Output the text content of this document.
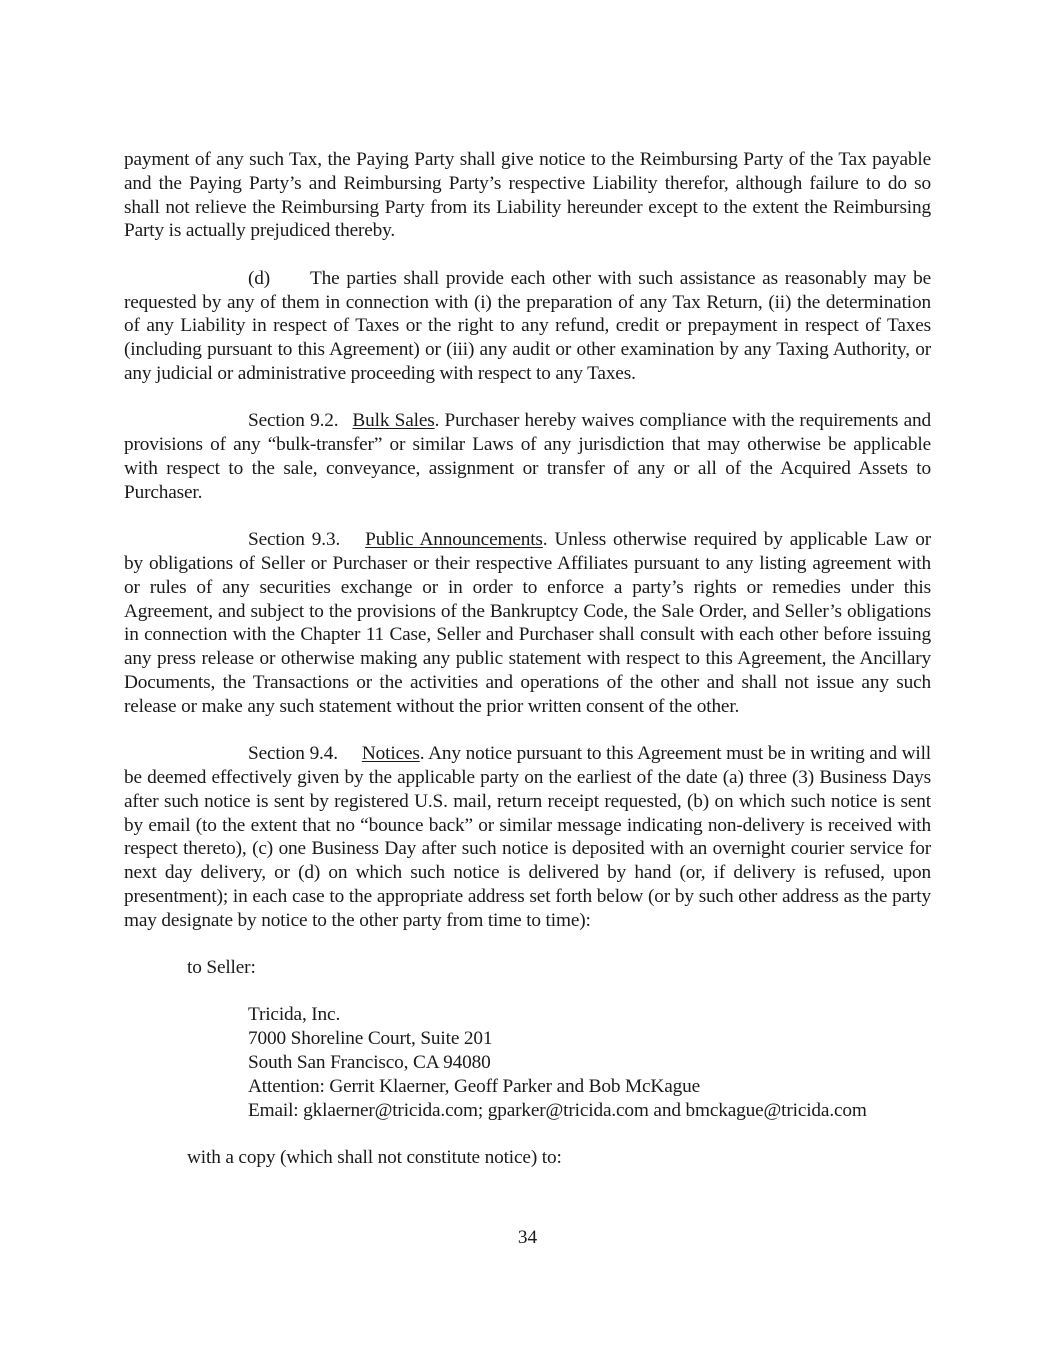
payment of any such Tax, the Paying Party shall give notice to the Reimbursing Party of the Tax payable and the Paying Party’s and Reimbursing Party’s respective Liability therefor, although failure to do so shall not relieve the Reimbursing Party from its Liability hereunder except to the extent the Reimbursing Party is actually prejudiced thereby.

(d) The parties shall provide each other with such assistance as reasonably may be requested by any of them in connection with (i) the preparation of any Tax Return, (ii) the determination of any Liability in respect of Taxes or the right to any refund, credit or prepayment in respect of Taxes (including pursuant to this Agreement) or (iii) any audit or other examination by any Taxing Authority, or any judicial or administrative proceeding with respect to any Taxes.

Section 9.2. Bulk Sales. Purchaser hereby waives compliance with the requirements and provisions of any “bulk-transfer” or similar Laws of any jurisdiction that may otherwise be applicable with respect to the sale, conveyance, assignment or transfer of any or all of the Acquired Assets to Purchaser.

Section 9.3. Public Announcements. Unless otherwise required by applicable Law or by obligations of Seller or Purchaser or their respective Affiliates pursuant to any listing agreement with or rules of any securities exchange or in order to enforce a party’s rights or remedies under this Agreement, and subject to the provisions of the Bankruptcy Code, the Sale Order, and Seller’s obligations in connection with the Chapter 11 Case, Seller and Purchaser shall consult with each other before issuing any press release or otherwise making any public statement with respect to this Agreement, the Ancillary Documents, the Transactions or the activities and operations of the other and shall not issue any such release or make any such statement without the prior written consent of the other.

Section 9.4. Notices. Any notice pursuant to this Agreement must be in writing and will be deemed effectively given by the applicable party on the earliest of the date (a) three (3) Business Days after such notice is sent by registered U.S. mail, return receipt requested, (b) on which such notice is sent by email (to the extent that no “bounce back” or similar message indicating non-delivery is received with respect thereto), (c) one Business Day after such notice is deposited with an overnight courier service for next day delivery, or (d) on which such notice is delivered by hand (or, if delivery is refused, upon presentment); in each case to the appropriate address set forth below (or by such other address as the party may designate by notice to the other party from time to time):

to Seller:

Tricida, Inc.
7000 Shoreline Court, Suite 201
South San Francisco, CA 94080
Attention: Gerrit Klaerner, Geoff Parker and Bob McKague
Email: gklaerner@tricida.com; gparker@tricida.com and bmckague@tricida.com

with a copy (which shall not constitute notice) to:

34
